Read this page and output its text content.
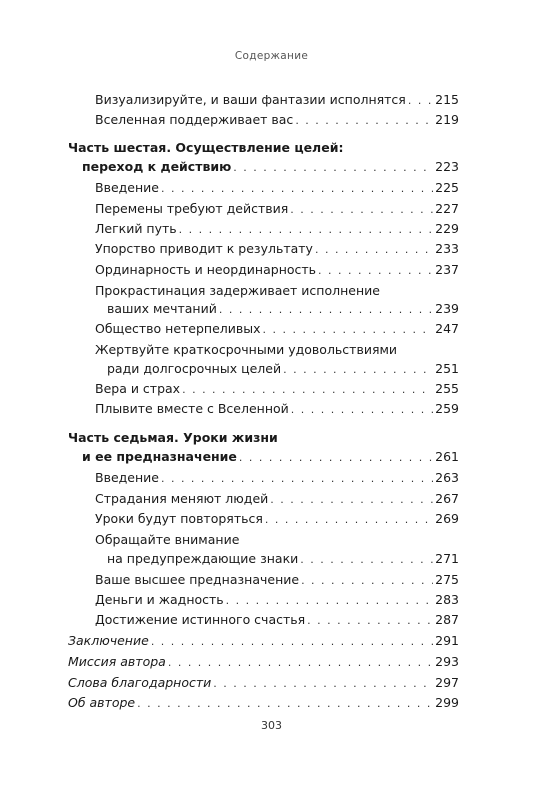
Содержание
Визуализируйте, и ваши фантазии исполнятся . . . 215
Вселенная поддерживает вас . . .	219
Часть шестая. Осуществление целей:
переход к действию . . .	223
Введение . . .	225
Перемены требуют действия . . .	227
Легкий путь . . .	229
Упорство приводит к результату . . .	233
Ординарность и неординарность . . .	237
Прокрастинация задерживает исполнение
ваших мечтаний . . .	239
Общество нетерпеливых . . .	247
Жертвуйте краткосрочными удовольствиями
ради долгосрочных целей . . .	251
Вера и страх . . .	255
Плывите вместе с Вселенной . . .	259
Часть седьмая. Уроки жизни
и ее предназначение . . .	261
Введение . . .	263
Страдания меняют людей . . .	267
Уроки будут повторяться . . .	269
Обращайте внимание
на предупреждающие знаки . . .	271
Ваше высшее предназначение . . .	275
Деньги и жадность . . .	283
Достижение истинного счастья . . .	287
Заключение . . .	291
Миссия автора . . .	293
Слова благодарности . . .	297
Об авторе . . .	299
303
